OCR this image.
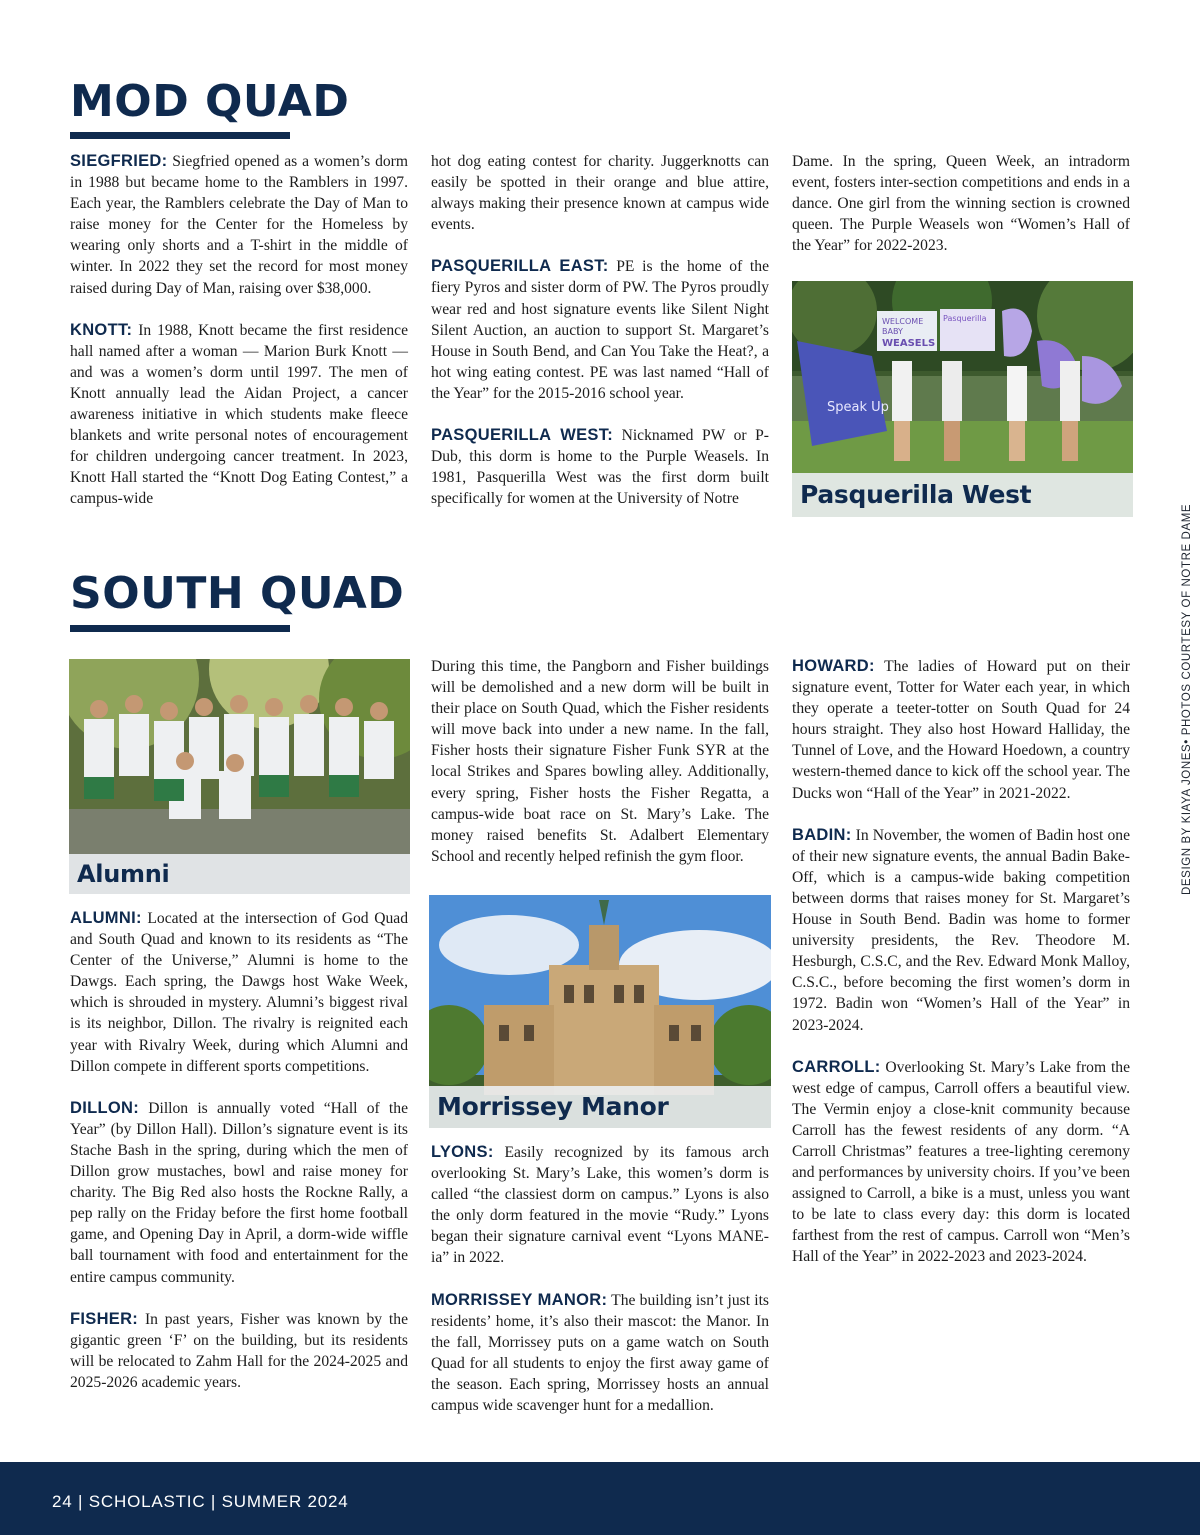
MOD QUAD

SIEGFRIED: Siegfried opened as a women’s dorm in 1988 but became home to the Ramblers in 1997. Each year, the Ramblers celebrate the Day of Man to raise money for the Center for the Homeless by wearing only shorts and a T-shirt in the middle of winter. In 2022 they set the record for most money raised during Day of Man, raising over $38,000.

KNOTT: In 1988, Knott became the first residence hall named after a woman — Marion Burk Knott — and was a women’s dorm until 1997. The men of Knott annually lead the Aidan Project, a cancer awareness initiative in which students make fleece blankets and write personal notes of encouragement for children undergoing cancer treatment. In 2023, Knott Hall started the “Knott Dog Eating Contest,” a campus-wide

hot dog eating contest for charity. Juggerknotts can easily be spotted in their orange and blue attire, always making their presence known at campus wide events.

PASQUERILLA EAST: PE is the home of the fiery Pyros and sister dorm of PW. The Pyros proudly wear red and host signature events like Silent Night Silent Auction, an auction to support St. Margaret’s House in South Bend, and Can You Take the Heat?, a hot wing eating contest. PE was last named “Hall of the Year” for the 2015-2016 school year.

PASQUERILLA WEST: Nicknamed PW or P-Dub, this dorm is home to the Purple Weasels. In 1981, Pasquerilla West was the first dorm built specifically for women at the University of Notre

Dame. In the spring, Queen Week, an intradorm event, fosters inter-section competitions and ends in a dance. One girl from the winning section is crowned queen. The Purple Weasels won “Women’s Hall of the Year” for 2022-2023.

Speak Up
WELCOME
BABY
WEASELS
Pasquerilla
Pasquerilla West
SOUTH QUAD
Alumni

ALUMNI: Located at the intersection of God Quad and South Quad and known to its residents as “The Center of the Universe,” Alumni is home to the Dawgs. Each spring, the Dawgs host Wake Week, which is shrouded in mystery. Alumni’s biggest rival is its neighbor, Dillon. The rivalry is reignited each year with Rivalry Week, during which Alumni and Dillon compete in different sports competitions.

DILLON: Dillon is annually voted “Hall of the Year” (by Dillon Hall). Dillon’s signature event is its Stache Bash in the spring, during which the men of Dillon grow mustaches, bowl and raise money for charity. The Big Red also hosts the Rockne Rally, a pep rally on the Friday before the first home football game, and Opening Day in April, a dorm-wide wiffle ball tournament with food and entertainment for the entire campus community.

FISHER: In past years, Fisher was known by the gigantic green ‘F’ on the building, but its residents will be relocated to Zahm Hall for the 2024-2025 and 2025-2026 academic years.

During this time, the Pangborn and Fisher buildings will be demolished and a new dorm will be built in their place on South Quad, which the Fisher residents will move back into under a new name. In the fall, Fisher hosts their signature Fisher Funk SYR at the local Strikes and Spares bowling alley. Additionally, every spring, Fisher hosts the Fisher Regatta, a campus-wide boat race on St. Mary’s Lake. The money raised benefits St. Adalbert Elementary School and recently helped refinish the gym floor.

Morrissey Manor

LYONS: Easily recognized by its famous arch overlooking St. Mary’s Lake, this women’s dorm is called “the classiest dorm on campus.” Lyons is also the only dorm featured in the movie “Rudy.” Lyons began their signature carnival event “Lyons MANE-ia” in 2022.

MORRISSEY MANOR: The building isn’t just its residents’ home, it’s also their mascot: the Manor. In the fall, Morrissey puts on a game watch on South Quad for all students to enjoy the first away game of the season. Each spring, Morrissey hosts an annual campus wide scavenger hunt for a medallion.

HOWARD: The ladies of Howard put on their signature event, Totter for Water each year, in which they operate a teeter-totter on South Quad for 24 hours straight. They also host Howard Halliday, the Tunnel of Love, and the Howard Hoedown, a country western-themed dance to kick off the school year. The Ducks won “Hall of the Year” in 2021-2022.

BADIN: In November, the women of Badin host one of their new signature events, the annual Badin Bake-Off, which is a campus-wide baking competition between dorms that raises money for St. Margaret’s House in South Bend. Badin was home to former university presidents, the Rev. Theodore M. Hesburgh, C.S.C, and the Rev. Edward Monk Malloy, C.S.C., before becoming the first women’s dorm in 1972. Badin won “Women’s Hall of the Year” in 2023-2024.

CARROLL: Overlooking St. Mary’s Lake from the west edge of campus, Carroll offers a beautiful view. The Vermin enjoy a close-knit community because Carroll has the fewest residents of any dorm. “A Carroll Christmas” features a tree-lighting ceremony and performances by university choirs. If you’ve been assigned to Carroll, a bike is a must, unless you want to be late to class every day: this dorm is located farthest from the rest of campus. Carroll won “Men’s Hall of the Year” in 2022-2023 and 2023-2024.

DESIGN BY KIAYA JONES• PHOTOS COURTESY OF NOTRE DAME
24 | SCHOLASTIC | SUMMER 2024
